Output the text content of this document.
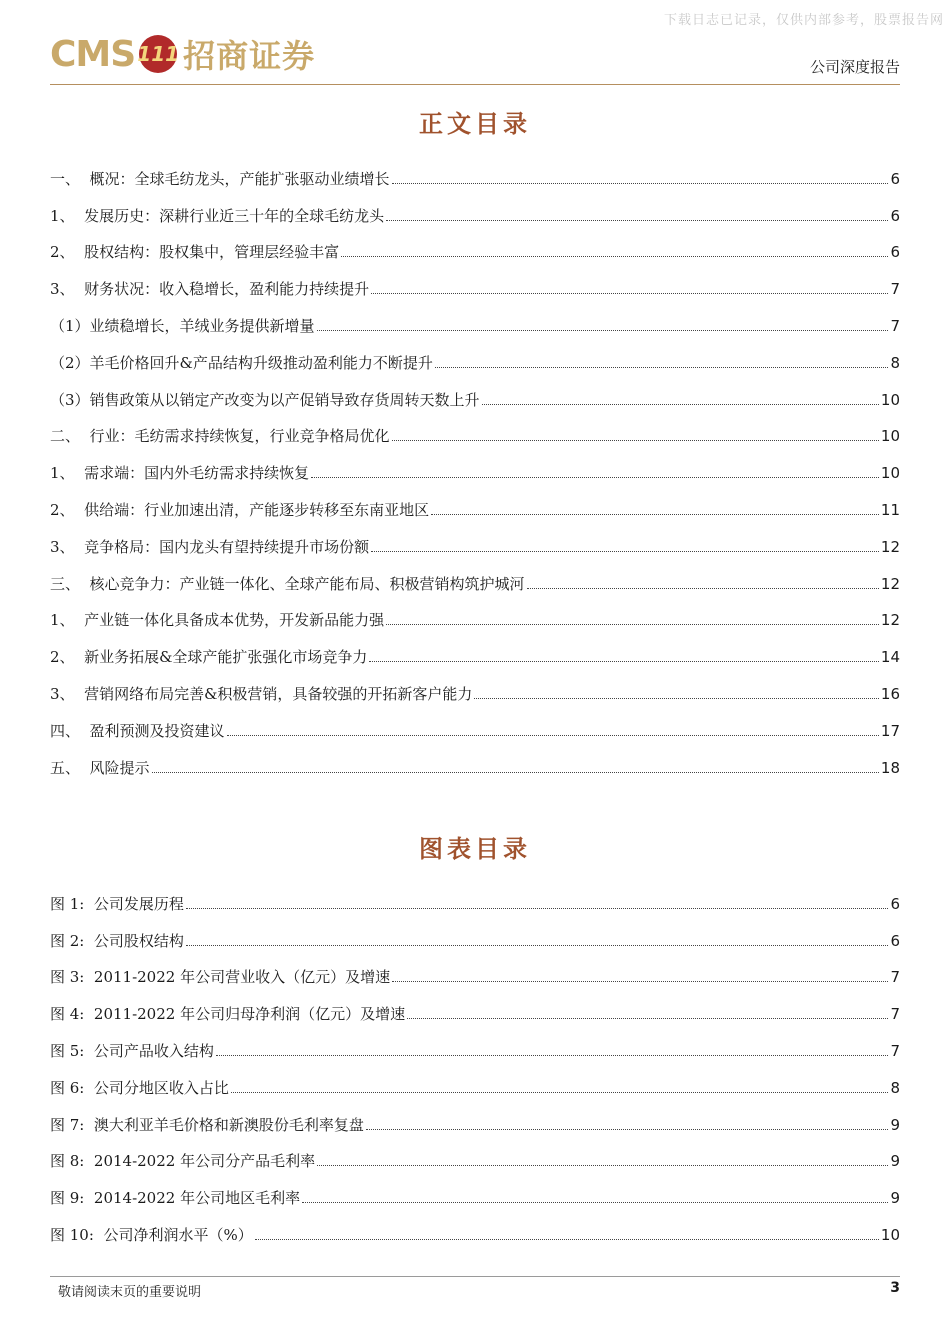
下载日志已记录，仅供内部参考，股票报告网
CMS 111 招商证券	公司深度报告
正文目录
一、  概况：全球毛纺龙头，产能扩张驱动业绩增长	6
1、  发展历史：深耕行业近三十年的全球毛纺龙头	6
2、  股权结构：股权集中，管理层经验丰富	6
3、  财务状况：收入稳增长，盈利能力持续提升	7
（1）业绩稳增长，羊绒业务提供新增量	7
（2）羊毛价格回升&产品结构升级推动盈利能力不断提升	8
（3）销售政策从以销定产改变为以产促销导致存货周转天数上升	10
二、  行业：毛纺需求持续恢复，行业竞争格局优化	10
1、  需求端：国内外毛纺需求持续恢复	10
2、  供给端：行业加速出清，产能逐步转移至东南亚地区	11
3、  竞争格局：国内龙头有望持续提升市场份额	12
三、  核心竞争力：产业链一体化、全球产能布局、积极营销构筑护城河	12
1、  产业链一体化具备成本优势，开发新品能力强	12
2、  新业务拓展&全球产能扩张强化市场竞争力	14
3、  营销网络布局完善&积极营销，具备较强的开拓新客户能力	16
四、  盈利预测及投资建议	17
五、  风险提示	18
图表目录
图 1:  公司发展历程	6
图 2:  公司股权结构	6
图 3:  2011-2022 年公司营业收入（亿元）及增速	7
图 4:  2011-2022 年公司归母净利润（亿元）及增速	7
图 5:  公司产品收入结构	7
图 6:  公司分地区收入占比	8
图 7:  澳大利亚羊毛价格和新澳股份毛利率复盘	9
图 8:  2014-2022 年公司分产品毛利率	9
图 9:  2014-2022 年公司地区毛利率	9
图 10:  公司净利润水平（%）	10
敬请阅读末页的重要说明	3
